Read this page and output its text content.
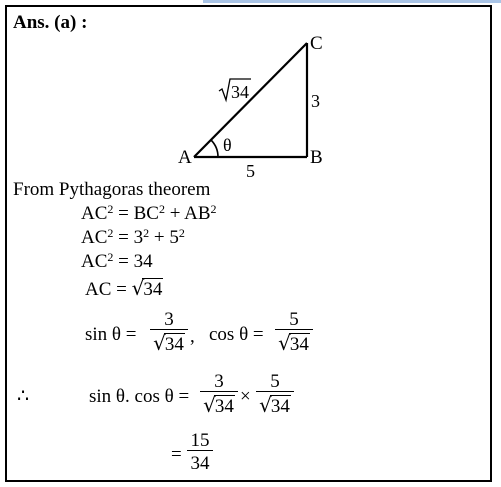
Ans. (a) :
A	B
C
θ
5
3
34
From Pythagoras theorem
$AC^2 = BC^2 + AB^2$
$AC^2 = 3^2 + 5^2$
$AC^2 = 34$
AC = √34
$\sin \theta = \frac{3}{√34}$ , $\cos \theta = \frac{5}{√34}$
∴	sin θ. $\cos \theta = \frac{3}{√34} \times \frac{5}{√34}$
= $\frac{15}{34}$
